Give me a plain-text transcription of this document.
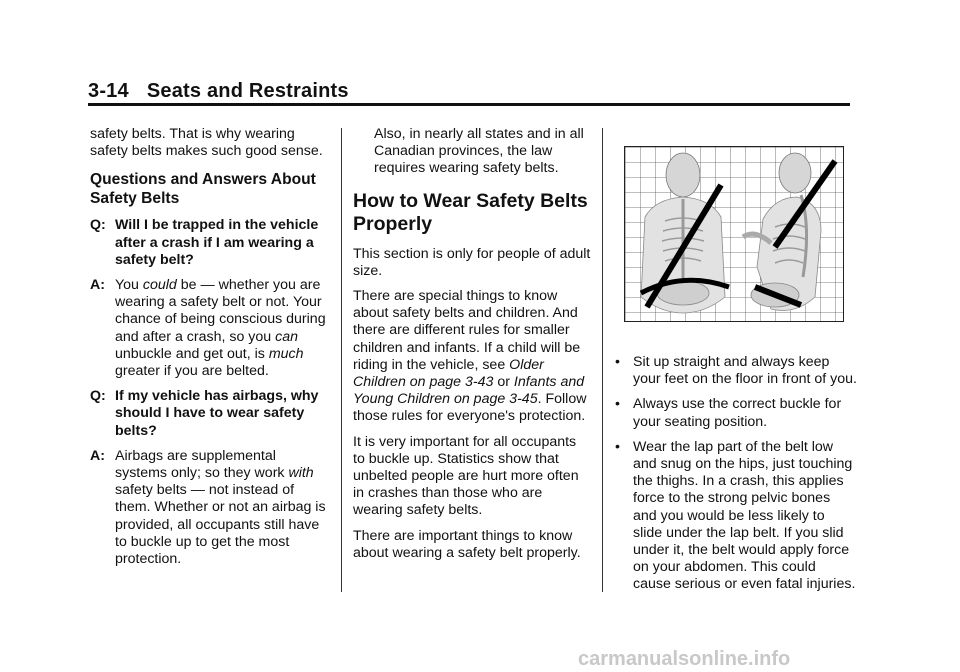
3-14 Seats and Restraints

safety belts. That is why wearing safety belts makes such good sense.

Questions and Answers About Safety Belts
Q: Will I be trapped in the vehicle after a crash if I am wearing a safety belt?
A: You could be — whether you are wearing a safety belt or not. Your chance of being conscious during and after a crash, so you can unbuckle and get out, is much greater if you are belted.
Q: If my vehicle has airbags, why should I have to wear safety belts?
A: Airbags are supplemental systems only; so they work with safety belts — not instead of them. Whether or not an airbag is provided, all occupants still have to buckle up to get the most protection.

Also, in nearly all states and in all Canadian provinces, the law requires wearing safety belts.

How to Wear Safety Belts Properly

This section is only for people of adult size.

There are special things to know about safety belts and children. And there are different rules for smaller children and infants. If a child will be riding in the vehicle, see Older Children on page 3-43 or Infants and Young Children on page 3-45. Follow those rules for everyone's protection.

It is very important for all occupants to buckle up. Statistics show that unbelted people are hurt more often in crashes than those who are wearing safety belts.

There are important things to know about wearing a safety belt properly.

• Sit up straight and always keep your feet on the floor in front of you.
• Always use the correct buckle for your seating position.
• Wear the lap part of the belt low and snug on the hips, just touching the thighs. In a crash, this applies force to the strong pelvic bones and you would be less likely to slide under the lap belt. If you slid under it, the belt would apply force on your abdomen. This could cause serious or even fatal injuries.
carmanualsonline.info
